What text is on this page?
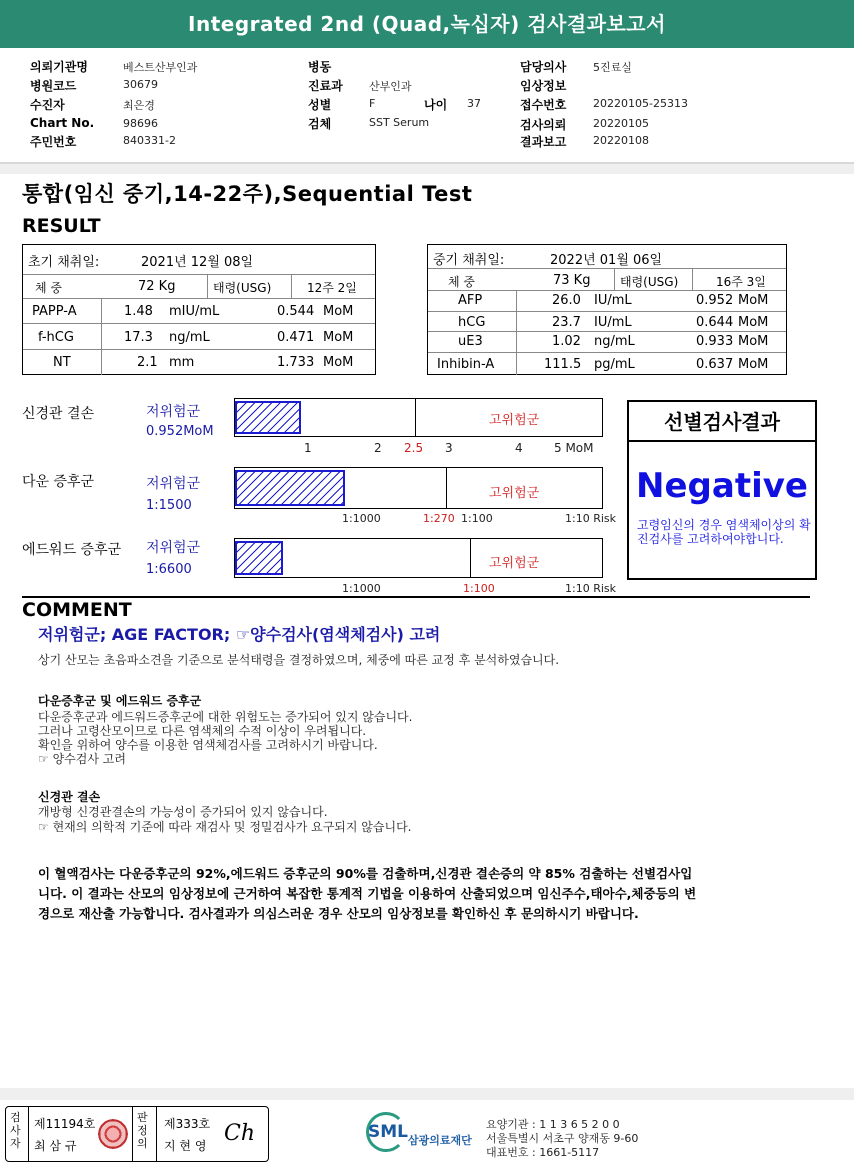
Integrated 2nd (Quad,녹십자) 검사결과보고서
의뢰기관명	베스트산부인과
병원코드	30679
수진자	최은경
Chart No.	98696
주민번호	840331-2
병동
진료과 산부인과
성별	F	나이 37
검체	SST Serum
담당의사 5진료실
임상정보
접수번호 20220105-25313
검사의뢰 20220105
결과보고 20220108
통합(임신 중기,14-22주),Sequential Test
RESULT
초기 채취일:	2021년 12월 08일
체 중	72 Kg	태령(USG)	12주 2일
PAPP-A	1.48 mIU/mL	0.544 MoM
f-hCG	17.3 ng/mL	0.471 MoM
NT	2.1 mm	1.733 MoM
중기 채취일:	2022년 01월 06일
체 중	73 Kg 태령(USG)	16주 3일
AFP	26.0 IU/mL	0.952 MoM
hCG	23.7 IU/mL	0.644 MoM
uE3	1.02 ng/mL	0.933 MoM
Inhibin-A	111.5 pg/mL	0.637 MoM
신경관 결손	저위험군
0.952MoM
고위험군
1	2 2.5 3	4	5 MoM
다운 증후군	저위험군
1:1500
고위험군
1:1000	1:270 1:100	1:10 Risk
에드워드 증후군 저위험군
1:6600	고위험군
1:1000	1:100	1:10 Risk
선별검사결과
Negative
고령임신의 경우 염색체이상의 확진검사를 고려하여야합니다.
COMMENT
저위험군; AGE FACTOR; ☞양수검사(염색체검사) 고려
상기 산모는 초음파소견을 기준으로 분석태령을 결정하였으며, 체중에 따른 교정 후 분석하였습니다.
다운증후군 및 에드워드 증후군
다운증후군과 에드워드증후군에 대한 위험도는 증가되어 있지 않습니다.
그러나 고령산모이므로 다른 염색체의 수적 이상이 우려됩니다.
확인을 위하여 양수를 이용한 염색체검사를 고려하시기 바랍니다.
☞ 양수검사 고려
신경관 결손
개방형 신경관결손의 가능성이 증가되어 있지 않습니다.
☞ 현재의 의학적 기준에 따라 재검사 및 정밀검사가 요구되지 않습니다.
이 혈액검사는 다운증후군의 92%,에드워드 증후군의 90%를 검출하며,신경관 결손증의 약 85% 검출하는 선별검사입니다. 이 결과는 산모의 임상정보에 근거하여 복잡한 통계적 기법을 이용하여 산출되었으며 임신주수,태아수,체중등의 변경으로 재산출 가능합니다. 검사결과가 의심스러운 경우 산모의 임상정보를 확인하신 후 문의하시기 바랍니다.
검사자
제11194호
최 삼 규
판정의
제333호
지 현 영 Ch	SML 삼광의료재단
요양기관 : 1 1 3 6 5 2 0 0
서울특별시 서초구 양재동 9-60
대표번호 : 1661-5117
